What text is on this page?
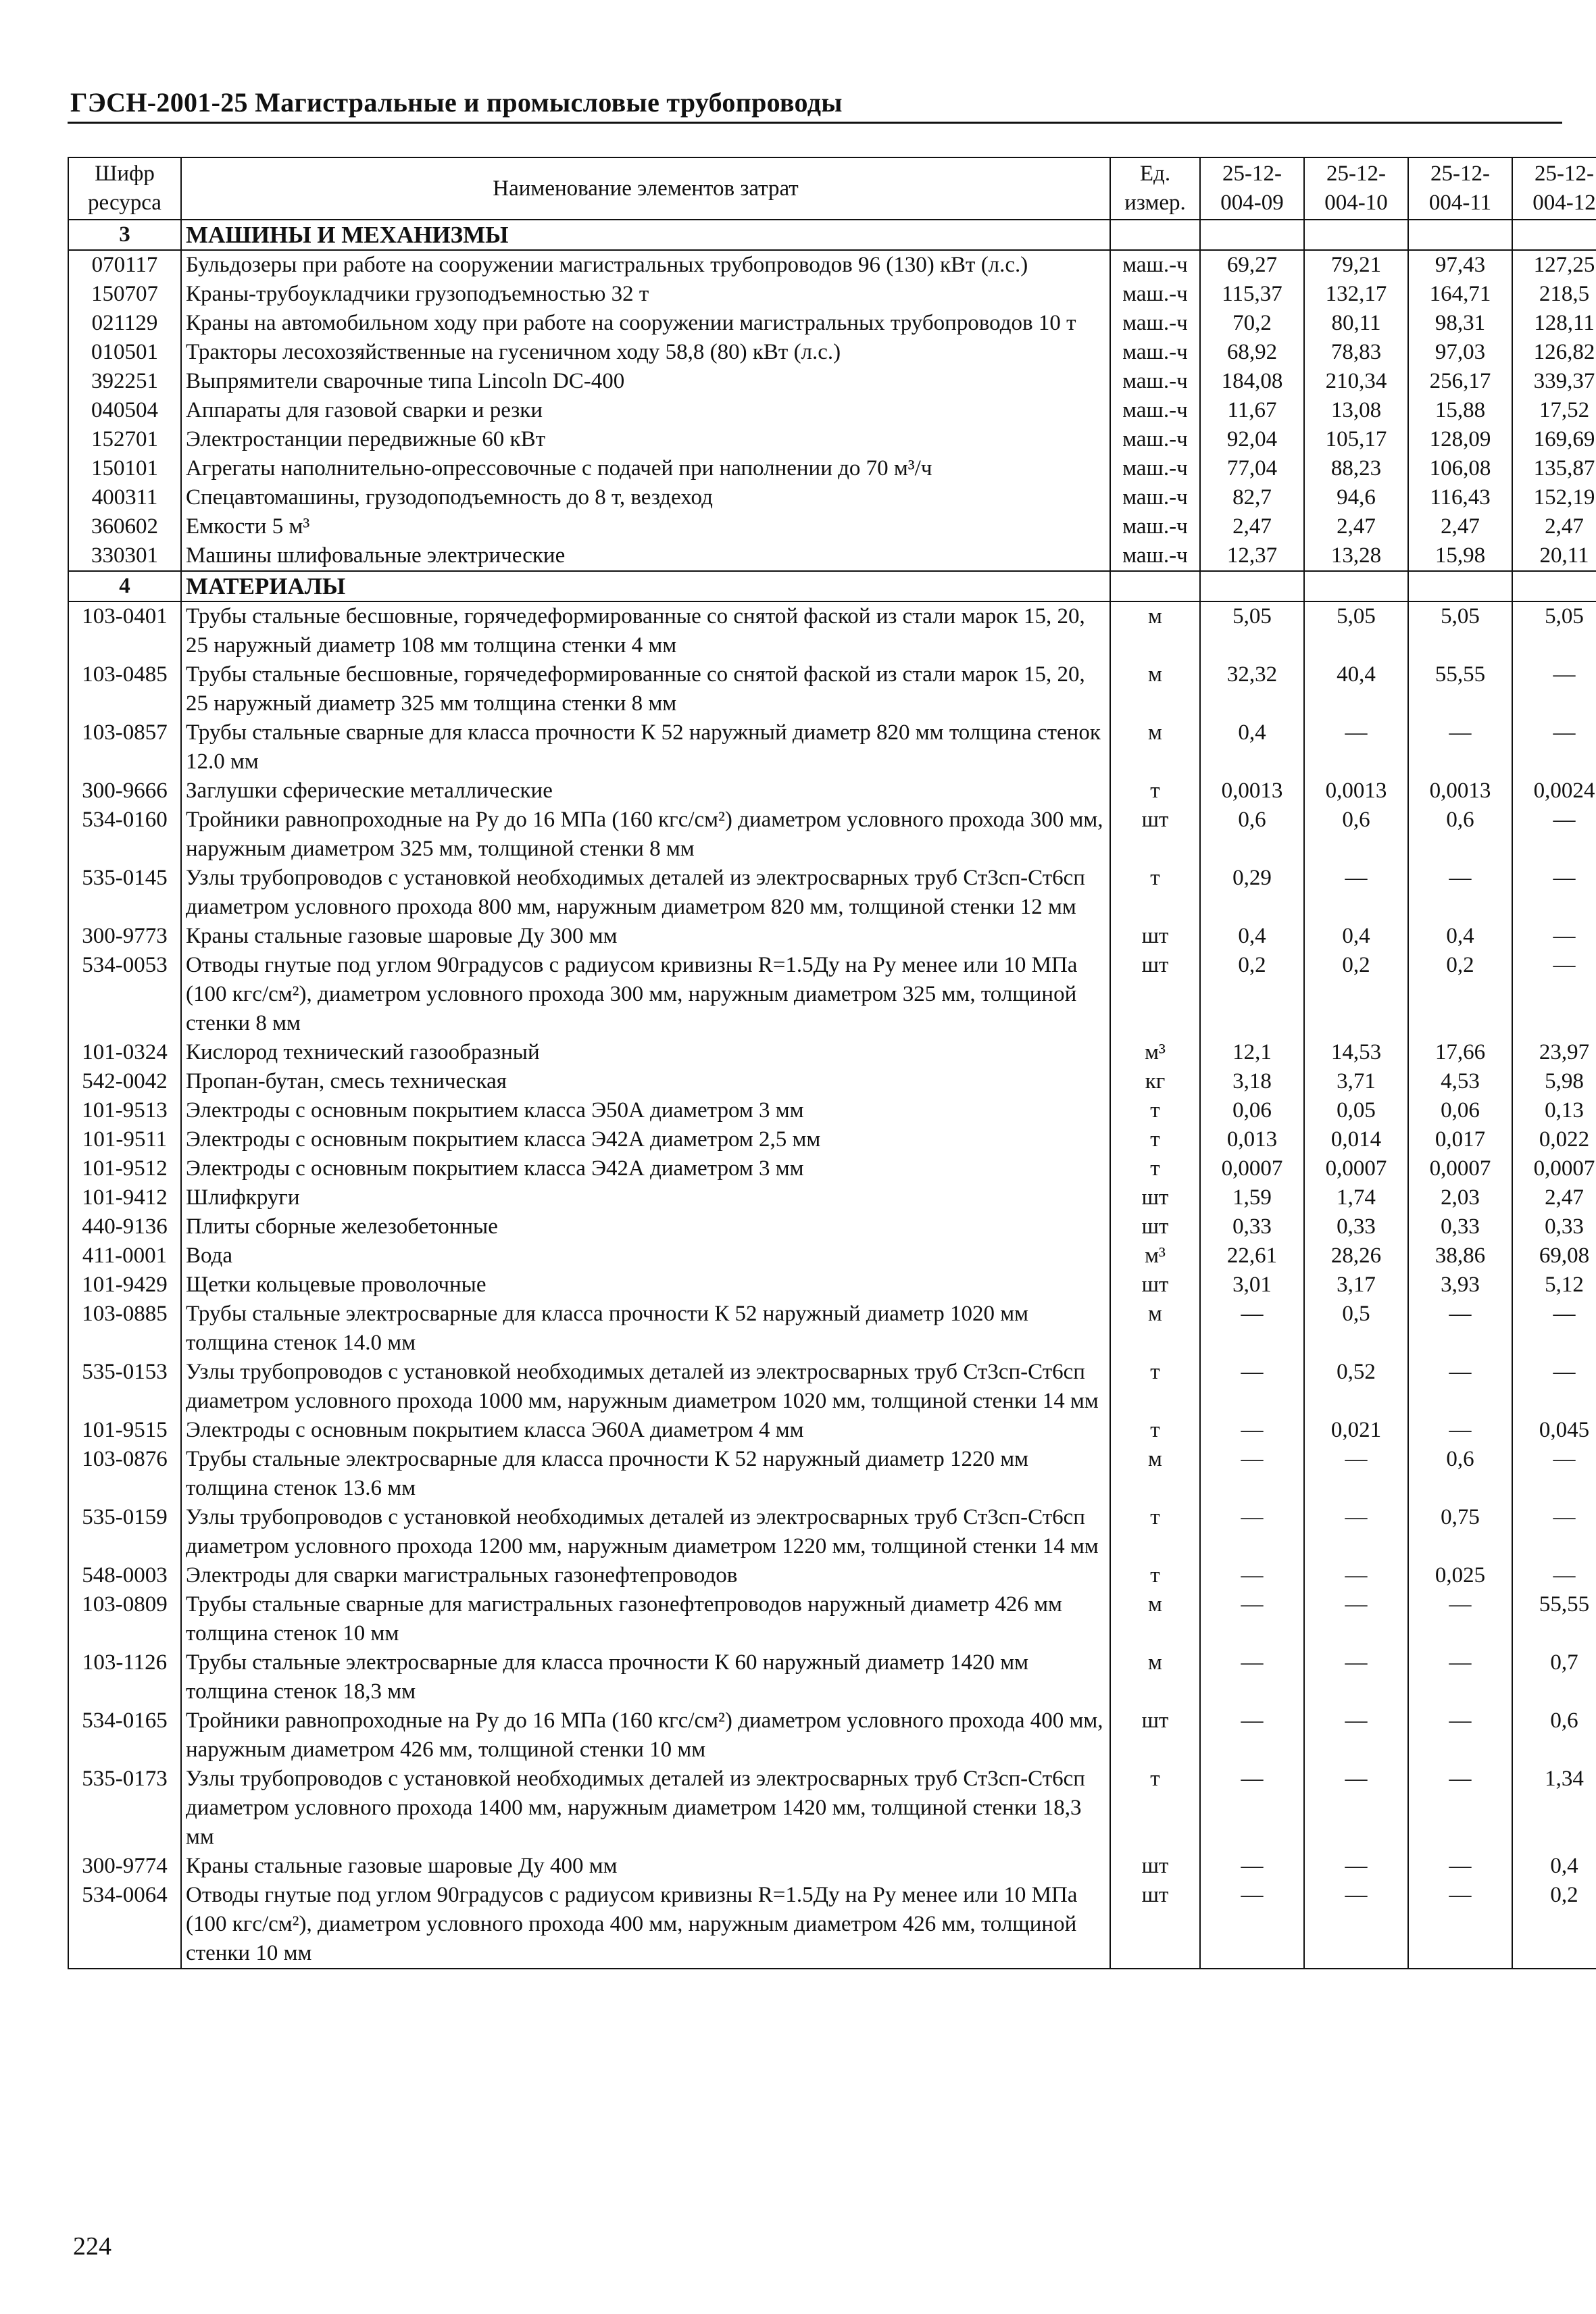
ГЭСН-2001-25 Магистральные и промысловые трубопроводы
Шифр ресурса	Наименование элементов затрат	Ед. измер.	25-12-004-09	25-12-004-10	25-12-004-11	25-12-004-12
3	МАШИНЫ И МЕХАНИЗМЫ					
070117	Бульдозеры при работе на сооружении магистральных трубопроводов 96 (130) кВт (л.с.)	маш.-ч	69,27	79,21	97,43	127,25
150707	Краны-трубоукладчики грузоподъемностью 32 т	маш.-ч	115,37	132,17	164,71	218,5
021129	Краны на автомобильном ходу при работе на сооружении магистральных трубопроводов 10 т	маш.-ч	70,2	80,11	98,31	128,11
010501	Тракторы лесохозяйственные на гусеничном ходу 58,8 (80) кВт (л.с.)	маш.-ч	68,92	78,83	97,03	126,82
392251	Выпрямители сварочные типа Lincoln DC-400	маш.-ч	184,08	210,34	256,17	339,37
040504	Аппараты для газовой сварки и резки	маш.-ч	11,67	13,08	15,88	17,52
152701	Электростанции передвижные 60 кВт	маш.-ч	92,04	105,17	128,09	169,69
150101	Агрегаты наполнительно-опрессовочные с подачей при наполнении до 70 м³/ч	маш.-ч	77,04	88,23	106,08	135,87
400311	Спецавтомашины, грузодоподъемность до 8 т, вездеход	маш.-ч	82,7	94,6	116,43	152,19
360602	Емкости 5 м³	маш.-ч	2,47	2,47	2,47	2,47
330301	Машины шлифовальные электрические	маш.-ч	12,37	13,28	15,98	20,11
4	МАТЕРИАЛЫ					
103-0401	Трубы стальные бесшовные, горячедеформированные со снятой фаской из стали марок 15, 20, 25 наружный диаметр 108 мм толщина стенки 4 мм	м	5,05	5,05	5,05	5,05
103-0485	Трубы стальные бесшовные, горячедеформированные со снятой фаской из стали марок 15, 20, 25 наружный диаметр 325 мм толщина стенки 8 мм	м	32,32	40,4	55,55	—
103-0857	Трубы стальные сварные для класса прочности К 52 наружный диаметр 820 мм толщина стенок 12.0 мм	м	0,4	—	—	—
300-9666	Заглушки сферические металлические	т	0,0013	0,0013	0,0013	0,0024
534-0160	Тройники равнопроходные на Ру до 16 МПа (160 кгс/см²) диаметром условного прохода 300 мм, наружным диаметром 325 мм, толщиной стенки 8 мм	шт	0,6	0,6	0,6	—
535-0145	Узлы трубопроводов с установкой необходимых деталей из электросварных труб Ст3сп-Ст6сп диаметром условного прохода 800 мм, наружным диаметром 820 мм, толщиной стенки 12 мм	т	0,29	—	—	—
300-9773	Краны стальные газовые шаровые Ду 300 мм	шт	0,4	0,4	0,4	—
534-0053	Отводы гнутые под углом 90градусов с радиусом кривизны R=1.5Ду на Ру менее или 10 МПа (100 кгс/см²), диаметром условного прохода 300 мм, наружным диаметром 325 мм, толщиной стенки 8 мм	шт	0,2	0,2	0,2	—
101-0324	Кислород технический газообразный	м³	12,1	14,53	17,66	23,97
542-0042	Пропан-бутан, смесь техническая	кг	3,18	3,71	4,53	5,98
101-9513	Электроды с основным покрытием класса Э50А диаметром 3 мм	т	0,06	0,05	0,06	0,13
101-9511	Электроды с основным покрытием класса Э42А диаметром 2,5 мм	т	0,013	0,014	0,017	0,022
101-9512	Электроды с основным покрытием класса Э42А диаметром 3 мм	т	0,0007	0,0007	0,0007	0,0007
101-9412	Шлифкруги	шт	1,59	1,74	2,03	2,47
440-9136	Плиты сборные железобетонные	шт	0,33	0,33	0,33	0,33
411-0001	Вода	м³	22,61	28,26	38,86	69,08
101-9429	Щетки кольцевые проволочные	шт	3,01	3,17	3,93	5,12
103-0885	Трубы стальные электросварные для класса прочности К 52 наружный диаметр 1020 мм толщина стенок 14.0 мм	м	—	0,5	—	—
535-0153	Узлы трубопроводов с установкой необходимых деталей из электросварных труб Ст3сп-Ст6сп диаметром условного прохода 1000 мм, наружным диаметром 1020 мм, толщиной стенки 14 мм	т	—	0,52	—	—
101-9515	Электроды с основным покрытием класса Э60А диаметром 4 мм	т	—	0,021	—	0,045
103-0876	Трубы стальные электросварные для класса прочности К 52 наружный диаметр 1220 мм толщина стенок 13.6 мм	м	—	—	0,6	—
535-0159	Узлы трубопроводов с установкой необходимых деталей из электросварных труб Ст3сп-Ст6сп диаметром условного прохода 1200 мм, наружным диаметром 1220 мм, толщиной стенки 14 мм	т	—	—	0,75	—
548-0003	Электроды для сварки магистральных газонефтепроводов	т	—	—	0,025	—
103-0809	Трубы стальные сварные для магистральных газонефтепроводов наружный диаметр 426 мм толщина стенок 10 мм	м	—	—	—	55,55
103-1126	Трубы стальные электросварные для класса прочности К 60 наружный диаметр 1420 мм толщина стенок 18,3 мм	м	—	—	—	0,7
534-0165	Тройники равнопроходные на Ру до 16 МПа (160 кгс/см²) диаметром условного прохода 400 мм, наружным диаметром 426 мм, толщиной стенки 10 мм	шт	—	—	—	0,6
535-0173	Узлы трубопроводов с установкой необходимых деталей из электросварных труб Ст3сп-Ст6сп диаметром условного прохода 1400 мм, наружным диаметром 1420 мм, толщиной стенки 18,3 мм	т	—	—	—	1,34
300-9774	Краны стальные газовые шаровые Ду 400 мм	шт	—	—	—	0,4
534-0064	Отводы гнутые под углом 90градусов с радиусом кривизны R=1.5Ду на Ру менее или 10 МПа (100 кгс/см²), диаметром условного прохода 400 мм, наружным диаметром 426 мм, толщиной стенки 10 мм	шт	—	—	—	0,2
224
